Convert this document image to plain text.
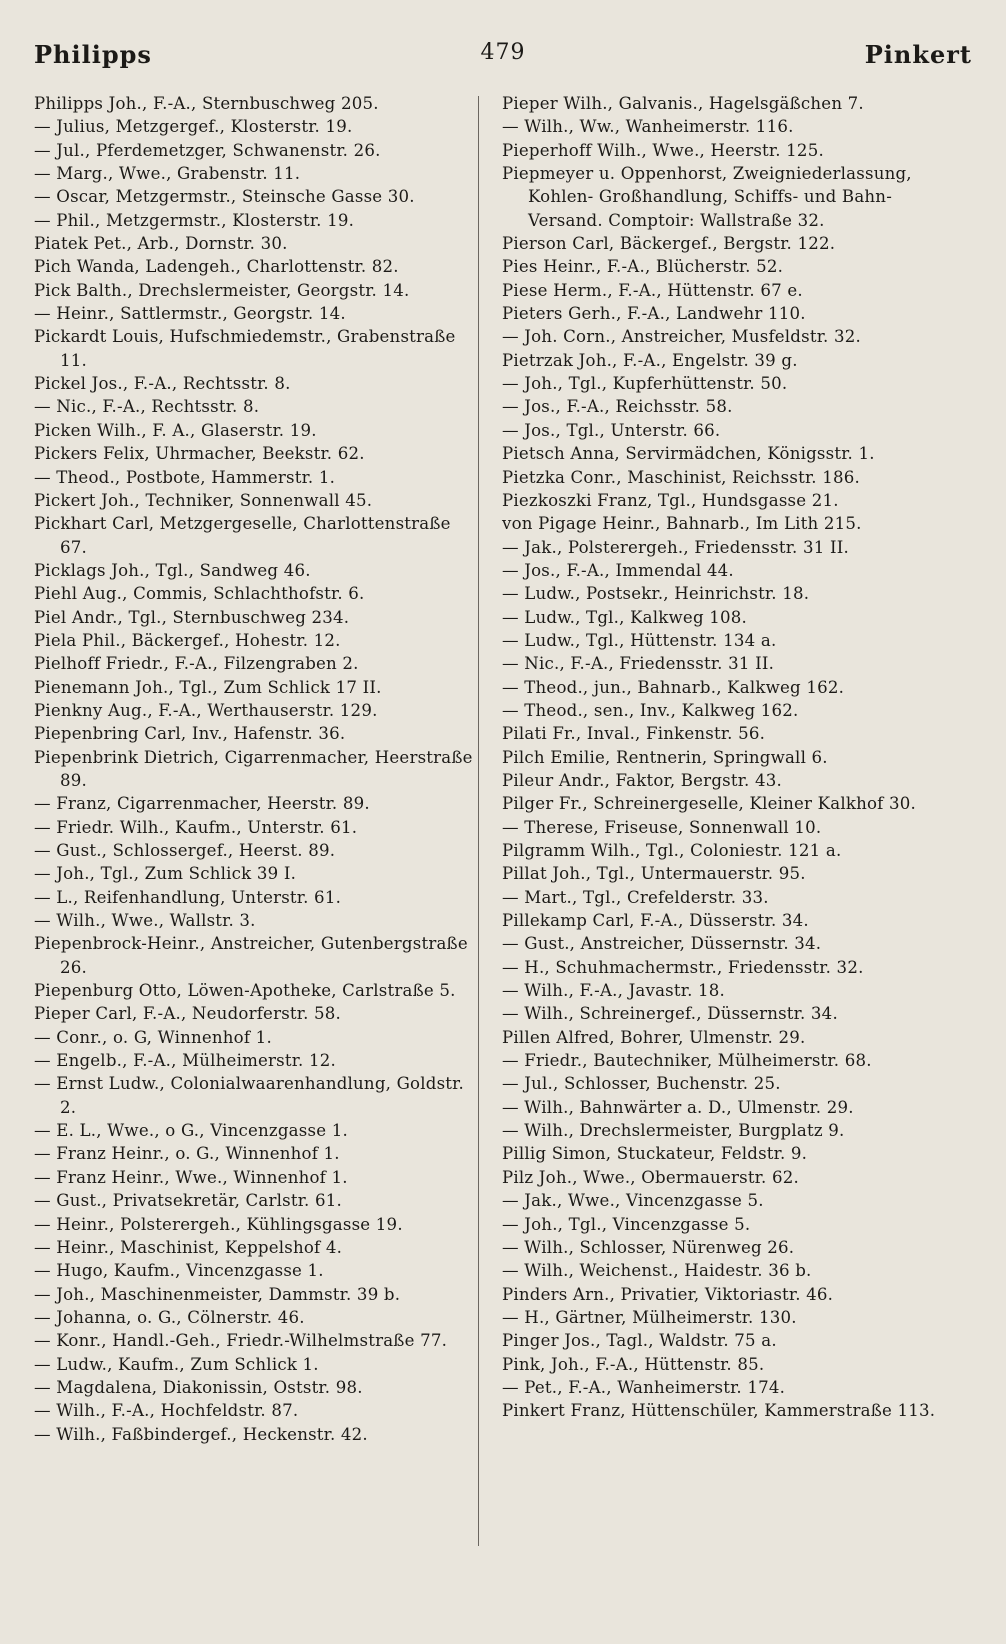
Philipps	479	Pinkert
Philipps Joh., F.-A., Sternbuschweg 205.
— Julius, Metzgergef., Klosterstr. 19.
— Jul., Pferdemetzger, Schwanenstr. 26.
— Marg., Wwe., Grabenstr. 11.
— Oscar, Metzgermstr., Steinsche Gasse 30.
— Phil., Metzgermstr., Klosterstr. 19.
Piatek Pet., Arb., Dornstr. 30.
Pich Wanda, Ladengeh., Charlottenstr. 82.
Pick Balth., Drechslermeister, Georgstr. 14.
— Heinr., Sattlermstr., Georgstr. 14.
Pickardt Louis, Hufschmiedemstr., Grabenstraße 11.
Pickel Jos., F.-A., Rechtsstr. 8.
— Nic., F.-A., Rechtsstr. 8.
Picken Wilh., F. A., Glaserstr. 19.
Pickers Felix, Uhrmacher, Beekstr. 62.
— Theod., Postbote, Hammerstr. 1.
Pickert Joh., Techniker, Sonnenwall 45.
Pickhart Carl, Metzgergeselle, Charlottenstraße 67.
Picklags Joh., Tgl., Sandweg 46.
Piehl Aug., Commis, Schlachthofstr. 6.
Piel Andr., Tgl., Sternbuschweg 234.
Piela Phil., Bäckergef., Hohestr. 12.
Pielhoff Friedr., F.-A., Filzengraben 2.
Pienemann Joh., Tgl., Zum Schlick 17 II.
Pienkny Aug., F.-A., Werthauserstr. 129.
Piepenbring Carl, Inv., Hafenstr. 36.
Piepenbrink Dietrich, Cigarrenmacher, Heerstraße 89.
— Franz, Cigarrenmacher, Heerstr. 89.
— Friedr. Wilh., Kaufm., Unterstr. 61.
— Gust., Schlossergef., Heerst. 89.
— Joh., Tgl., Zum Schlick 39 I.
— L., Reifenhandlung, Unterstr. 61.
— Wilh., Wwe., Wallstr. 3.
Piepenbrock-Heinr., Anstreicher, Gutenbergstraße 26.
Piepenburg Otto, Löwen-Apotheke, Carlstraße 5.
Pieper Carl, F.-A., Neudorferstr. 58.
— Conr., o. G, Winnenhof 1.
— Engelb., F.-A., Mülheimerstr. 12.
— Ernst Ludw., Colonialwaarenhandlung, Goldstr. 2.
— E. L., Wwe., o G., Vincenzgasse 1.
— Franz Heinr., o. G., Winnenhof 1.
— Franz Heinr., Wwe., Winnenhof 1.
— Gust., Privatsekretär, Carlstr. 61.
— Heinr., Polsterergeh., Kühlingsgasse 19.
— Heinr., Maschinist, Keppelshof 4.
— Hugo, Kaufm., Vincenzgasse 1.
— Joh., Maschinenmeister, Dammstr. 39 b.
— Johanna, o. G., Cölnerstr. 46.
— Konr., Handl.-Geh., Friedr.-Wilhelmstraße 77.
— Ludw., Kaufm., Zum Schlick 1.
— Magdalena, Diakonissin, Oststr. 98.
— Wilh., F.-A., Hochfeldstr. 87.
— Wilh., Faßbindergef., Heckenstr. 42.
Pieper Wilh., Galvanis., Hagelsgäßchen 7.
— Wilh., Ww., Wanheimerstr. 116.
Pieperhoff Wilh., Wwe., Heerstr. 125.
Piepmeyer u. Oppenhorst, Zweigniederlassung, Kohlen- Großhandlung, Schiffs- und Bahn-Versand. Comptoir: Wallstraße 32.
Pierson Carl, Bäckergef., Bergstr. 122.
Pies Heinr., F.-A., Blücherstr. 52.
Piese Herm., F.-A., Hüttenstr. 67 e.
Pieters Gerh., F.-A., Landwehr 110.
— Joh. Corn., Anstreicher, Musfeldstr. 32.
Pietrzak Joh., F.-A., Engelstr. 39 g.
— Joh., Tgl., Kupferhüttenstr. 50.
— Jos., F.-A., Reichsstr. 58.
— Jos., Tgl., Unterstr. 66.
Pietsch Anna, Servirmädchen, Königsstr. 1.
Pietzka Conr., Maschinist, Reichsstr. 186.
Piezkoszki Franz, Tgl., Hundsgasse 21.
von Pigage Heinr., Bahnarb., Im Lith 215.
— Jak., Polsterergeh., Friedensstr. 31 II.
— Jos., F.-A., Immendal 44.
— Ludw., Postsekr., Heinrichstr. 18.
— Ludw., Tgl., Kalkweg 108.
— Ludw., Tgl., Hüttenstr. 134 a.
— Nic., F.-A., Friedensstr. 31 II.
— Theod., jun., Bahnarb., Kalkweg 162.
— Theod., sen., Inv., Kalkweg 162.
Pilati Fr., Inval., Finkenstr. 56.
Pilch Emilie, Rentnerin, Springwall 6.
Pileur Andr., Faktor, Bergstr. 43.
Pilger Fr., Schreinergeselle, Kleiner Kalkhof 30.
— Therese, Friseuse, Sonnenwall 10.
Pilgramm Wilh., Tgl., Coloniestr. 121 a.
Pillat Joh., Tgl., Untermauerstr. 95.
— Mart., Tgl., Crefelderstr. 33.
Pillekamp Carl, F.-A., Düsserstr. 34.
— Gust., Anstreicher, Düssernstr. 34.
— H., Schuhmachermstr., Friedensstr. 32.
— Wilh., F.-A., Javastr. 18.
— Wilh., Schreinergef., Düssernstr. 34.
Pillen Alfred, Bohrer, Ulmenstr. 29.
— Friedr., Bautechniker, Mülheimerstr. 68.
— Jul., Schlosser, Buchenstr. 25.
— Wilh., Bahnwärter a. D., Ulmenstr. 29.
— Wilh., Drechslermeister, Burgplatz 9.
Pillig Simon, Stuckateur, Feldstr. 9.
Pilz Joh., Wwe., Obermauerstr. 62.
— Jak., Wwe., Vincenzgasse 5.
— Joh., Tgl., Vincenzgasse 5.
— Wilh., Schlosser, Nürenweg 26.
— Wilh., Weichenst., Haidestr. 36 b.
Pinders Arn., Privatier, Viktoriastr. 46.
— H., Gärtner, Mülheimerstr. 130.
Pinger Jos., Tagl., Waldstr. 75 a.
Pink, Joh., F.-A., Hüttenstr. 85.
— Pet., F.-A., Wanheimerstr. 174.
Pinkert Franz, Hüttenschüler, Kammerstraße 113.
